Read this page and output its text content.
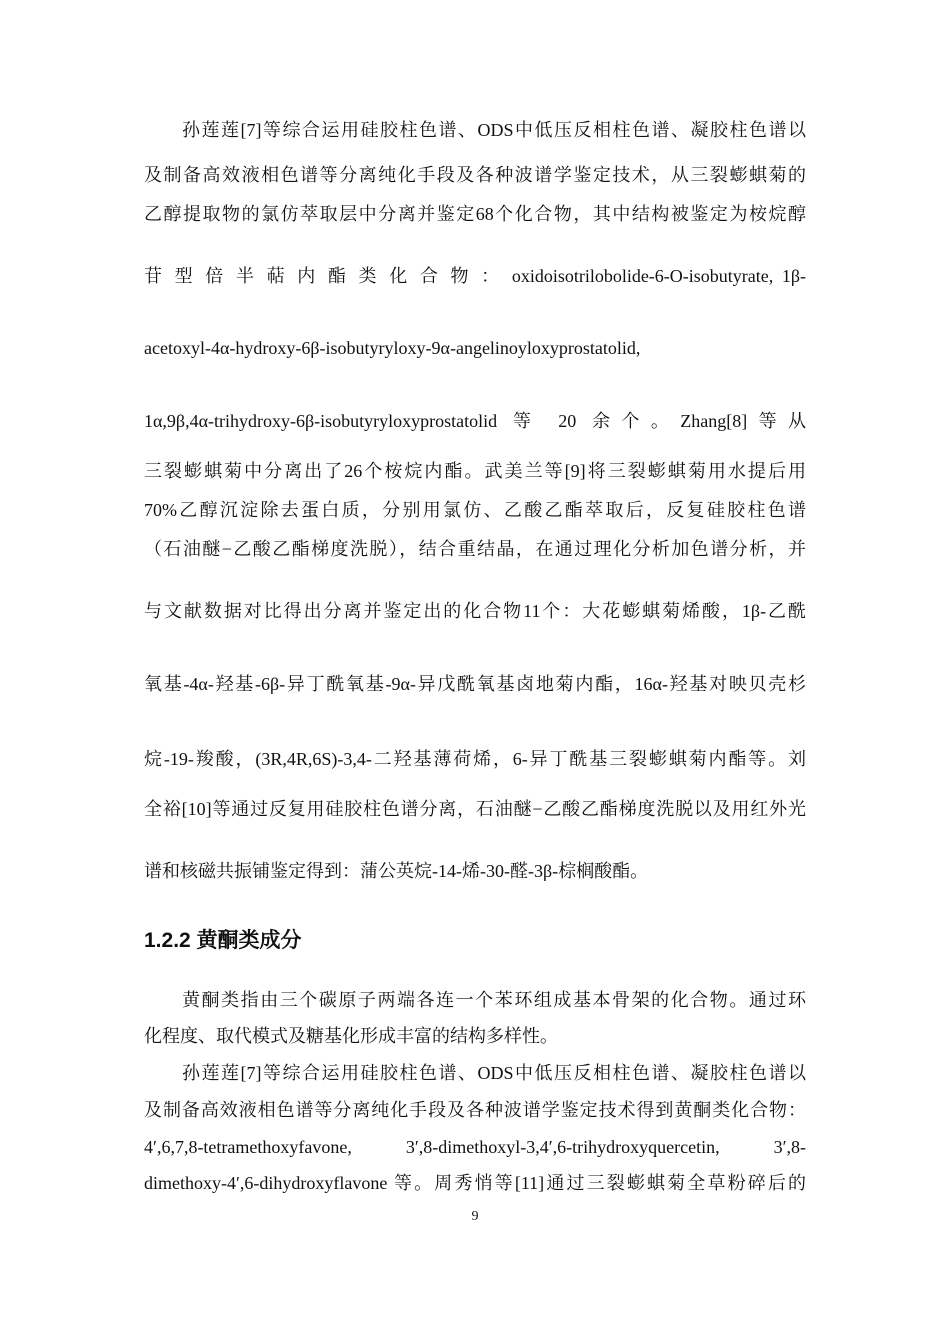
孙莲莲[7]等综合运用硅胶柱色谱、ODS中低压反相柱色谱、凝胶柱色谱以
及制备高效液相色谱等分离纯化手段及各种波谱学鉴定技术，从三裂蟛蜞菊的
乙醇提取物的氯仿萃取层中分离并鉴定68个化合物，其中结构被鉴定为桉烷醇
苷 型 倍 半 萜 内 酯 类 化 合 物 ： oxidoisotrilobolide-6-O-isobutyrate, 1β-
acetoxyl-4α-hydroxy-6β-isobutyryloxy-9α-angelinoyloxyprostatolid,
1α,9β,4α-trihydroxy-6β-isobutyryloxyprostatolid 等 20 余个。Zhang[8]等从
三裂蟛蜞菊中分离出了26个桉烷内酯。武美兰等[9]将三裂蟛蜞菊用水提后用
70%乙醇沉淀除去蛋白质，分别用氯仿、乙酸乙酯萃取后，反复硅胶柱色谱
（石油醚−乙酸乙酯梯度洗脱），结合重结晶，在通过理化分析加色谱分析，并
与文献数据对比得出分离并鉴定出的化合物11个：大花蟛蜞菊烯酸，1β-乙酰
氧基-4α-羟基-6β-异丁酰氧基-9α-异戊酰氧基卤地菊内酯，16α-羟基对映贝壳杉
烷-19-羧酸，(3R,4R,6S)-3,4-二羟基薄荷烯，6-异丁酰基三裂蟛蜞菊内酯等。刘
全裕[10]等通过反复用硅胶柱色谱分离，石油醚−乙酸乙酯梯度洗脱以及用红外光
谱和核磁共振铺鉴定得到：蒲公英烷-14-烯-30-醛-3β-棕榈酸酯。
1.2.2 黄酮类成分
黄酮类指由三个碳原子两端各连一个苯环组成基本骨架的化合物。通过环
化程度、取代模式及糖基化形成丰富的结构多样性。
孙莲莲[7]等综合运用硅胶柱色谱、ODS中低压反相柱色谱、凝胶柱色谱以
及制备高效液相色谱等分离纯化手段及各种波谱学鉴定技术得到黄酮类化合物：
4′,6,7,8-tetramethoxyfavone, 3′,8-dimethoxyl-3,4′,6-trihydroxyquercetin, 3′,8-
dimethoxy-4′,6-dihydroxyflavone 等。周秀悄等[11]通过三裂蟛蜞菊全草粉碎后的
9
